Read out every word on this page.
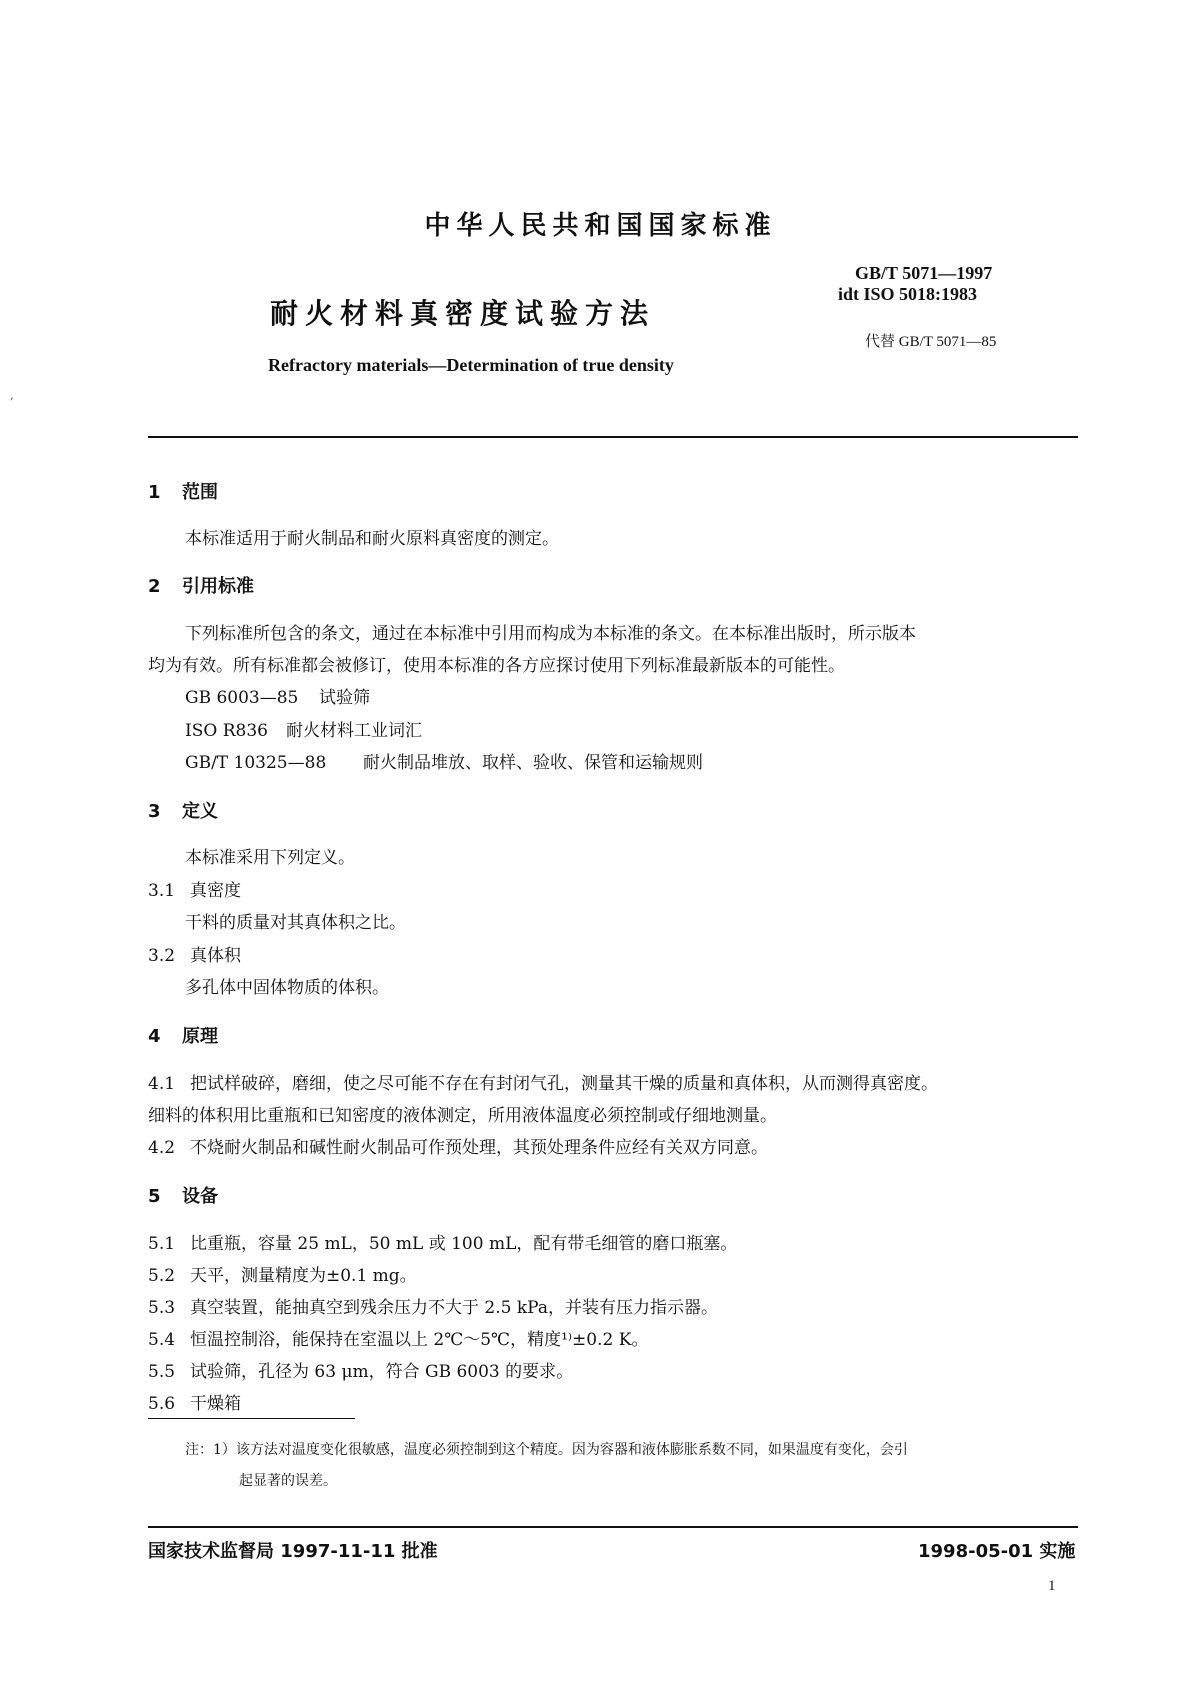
,
中华人民共和国国家标准
耐火材料真密度试验方法
Refractory materials—Determination of true density
GB/T 5071—1997
idt ISO 5018:1983
代替 GB/T 5071—85
1 范围
本标准适用于耐火制品和耐火原料真密度的测定。
2 引用标准
下列标准所包含的条文，通过在本标准中引用而构成为本标准的条文。在本标准出版时，所示版本
均为有效。所有标准都会被修订，使用本标准的各方应探讨使用下列标准最新版本的可能性。
GB 6003—85 试验筛
ISO R836 耐火材料工业词汇
GB/T 10325—88 耐火制品堆放、取样、验收、保管和运输规则
3 定义
本标准采用下列定义。
3.1 真密度
干料的质量对其真体积之比。
3.2 真体积
多孔体中固体物质的体积。
4 原理
4.1 把试样破碎，磨细，使之尽可能不存在有封闭气孔，测量其干燥的质量和真体积，从而测得真密度。
细料的体积用比重瓶和已知密度的液体测定，所用液体温度必须控制或仔细地测量。
4.2 不烧耐火制品和碱性耐火制品可作预处理，其预处理条件应经有关双方同意。
5 设备
5.1 比重瓶，容量 25 mL，50 mL 或 100 mL，配有带毛细管的磨口瓶塞。
5.2 天平，测量精度为±0.1 mg。
5.3 真空装置，能抽真空到残余压力不大于 2.5 kPa，并装有压力指示器。
5.4 恒温控制浴，能保持在室温以上 2℃～5℃，精度¹⁾±0.2 K。
5.5 试验筛，孔径为 63 μm，符合 GB 6003 的要求。
5.6 干燥箱
注：1）该方法对温度变化很敏感，温度必须控制到这个精度。因为容器和液体膨胀系数不同，如果温度有变化，会引
起显著的误差。
国家技术监督局 1997-11-11 批准	1998-05-01 实施
1
